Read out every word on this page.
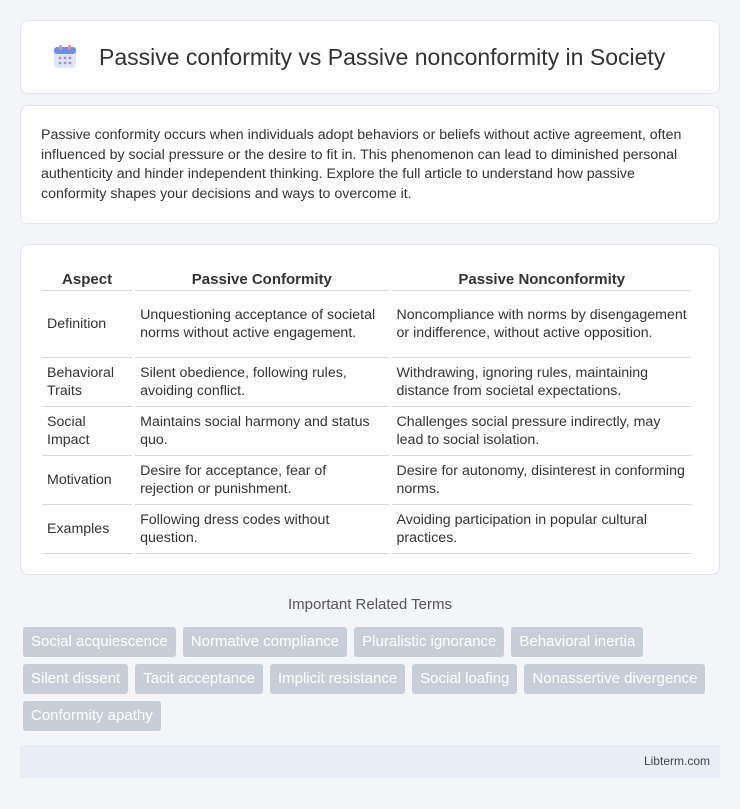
Passive conformity vs Passive nonconformity in Society

Passive conformity occurs when individuals adopt behaviors or beliefs without active agreement, often influenced by social pressure or the desire to fit in. This phenomenon can lead to diminished personal authenticity and hinder independent thinking. Explore the full article to understand how passive conformity shapes your decisions and ways to overcome it.

Aspect	Passive Conformity	Passive Nonconformity
Definition	Unquestioning acceptance of societal norms without active engagement.	Noncompliance with norms by disengagement or indifference, without active opposition.
Behavioral Traits	Silent obedience, following rules, avoiding conflict.	Withdrawing, ignoring rules, maintaining distance from societal expectations.
Social Impact	Maintains social harmony and status quo.	Challenges social pressure indirectly, may lead to social isolation.
Motivation	Desire for acceptance, fear of rejection or punishment.	Desire for autonomy, disinterest in conforming norms.
Examples	Following dress codes without question.	Avoiding participation in popular cultural practices.
Important Related Terms
Social acquiescence	Normative compliance	Pluralistic ignorance	Behavioral inertia
Silent dissent	Tacit acceptance	Implicit resistance	Social loafing	Nonassertive divergence
Conformity apathy
Libterm.com
